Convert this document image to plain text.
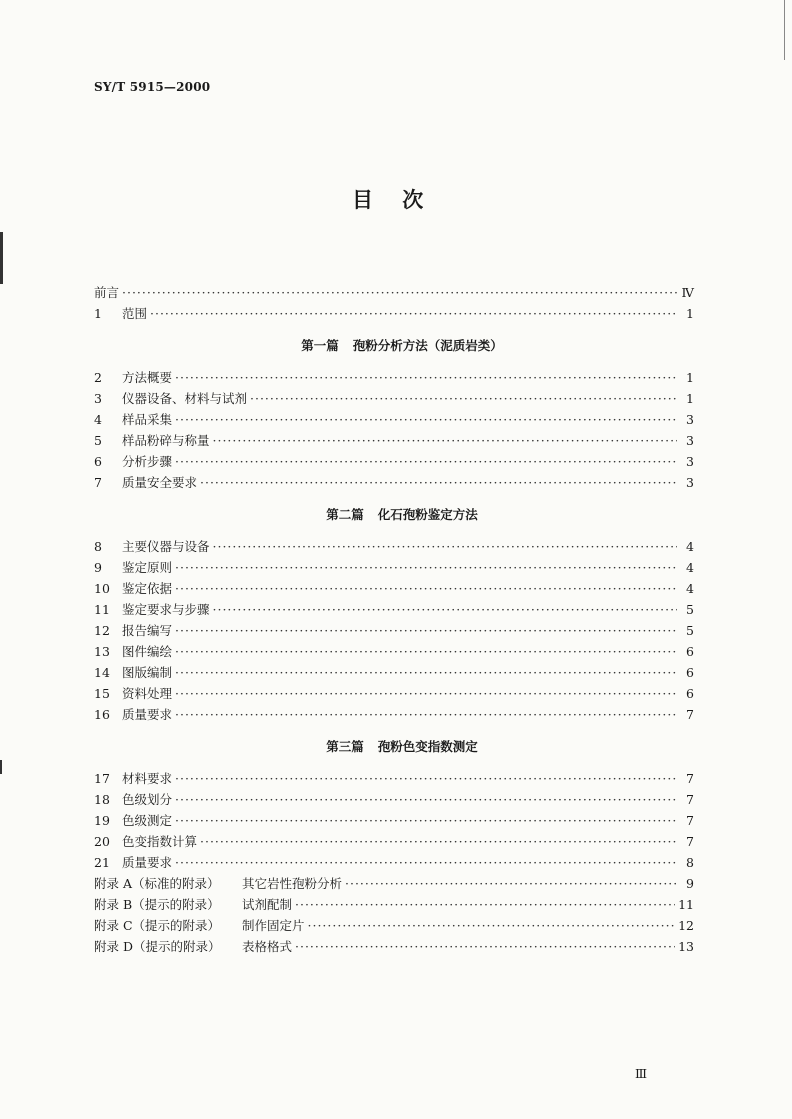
SY/T 5915—2000
目 次
前言 ·····	Ⅳ
1	范围 ·····	1
第一篇 孢粉分析方法（泥质岩类）
2	方法概要 ·····	1
3	仪器设备、材料与试剂 ·····	1
4	样品采集 ·····	3
5	样品粉碎与称量 ·····	3
6	分析步骤 ·····	3
7	质量安全要求 ·····	3
第二篇 化石孢粉鉴定方法
8	主要仪器与设备 ·····	4
9	鉴定原则 ·····	4
10 鉴定依据 ·····	4
11 鉴定要求与步骤 ·····	5
12 报告编写 ·····	5
13 图件编绘 ·····	6
14 图版编制 ·····	6
15 资料处理 ·····	6
16 质量要求 ·····	7
第三篇 孢粉色变指数测定
17 材料要求 ·····	7
18 色级划分 ·····	7
19 色级测定 ·····	7
20 色变指数计算 ·····	7
21 质量要求 ·····	8
附录 A（标准的附录）	其它岩性孢粉分析 ·····	9
附录 B（提示的附录）	试剂配制 ·····	11
附录 C（提示的附录）	制作固定片 ·····	12
附录 D（提示的附录）	表格格式 ·····	13
Ⅲ
